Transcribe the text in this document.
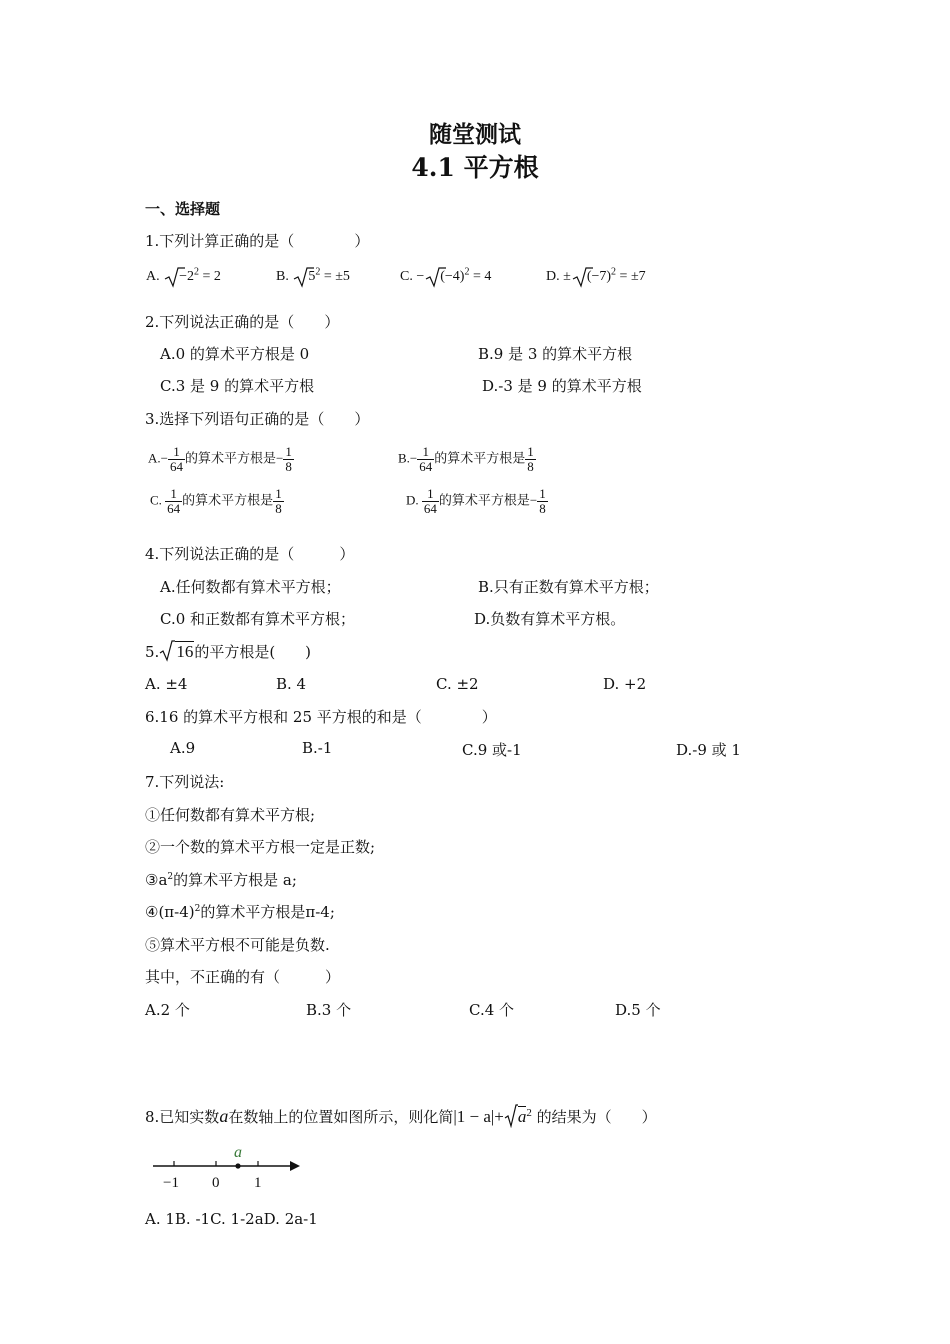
随堂测试
4.1 平方根
一、选择题
1.下列计算正确的是（　　　　）
A. $-2^2 = 2$	B. $5^2 = \pm 5$	C. − $(-4)^2 = 4$	D. ± $(-7)^2 = \pm 7$
2.下列说法正确的是（　　）
A.0 的算术平方根是 0	B.9 是 3 的算术平方根
C.3 是 9 的算术平方根	D.-3 是 9 的算术平方根
3.选择下列语句正确的是（　　）
$A.- \frac{1}{64}$ 的算术平方根是− $\frac{1}{8}$	$B.- \frac{1}{64}$ 的算术平方根是 $\frac{1}{8}$
C. $\frac{1}{64}$ 的算术平方根是 $\frac{1}{8}$	D. $\frac{1}{64}$ 的算术平方根是− $\frac{1}{8}$
4.下列说法正确的是（　　　）
A.任何数都有算术平方根；	B.只有正数有算术平方根；
C.0 和正数都有算术平方根；	D.负数有算术平方根。
5. 16的平方根是(　　)
A. ±4	B. 4	C. ±2	D. +2
6.16 的算术平方根和 25 平方根的和是（　　　　）
A.9	B.-1	C.9 或-1	D.-9 或 1
7.下列说法:
①任何数都有算术平方根;
②一个数的算术平方根一定是正数;
$③a^2$的算术平方根是 a;
$④(\pi-4)^2$的算术平方根是π-4;
⑤算术平方根不可能是负数.
其中，不正确的有（　　　）
A.2 个	B.3 个	C.4 个	D.5 个
8.已知实数a在数轴上的位置如图所示，则化简$|1 - a|+ a^2$ 的结果为（　　）
a
−1 0 1
A. 1B. -1C. 1-2aD. 2a-1
